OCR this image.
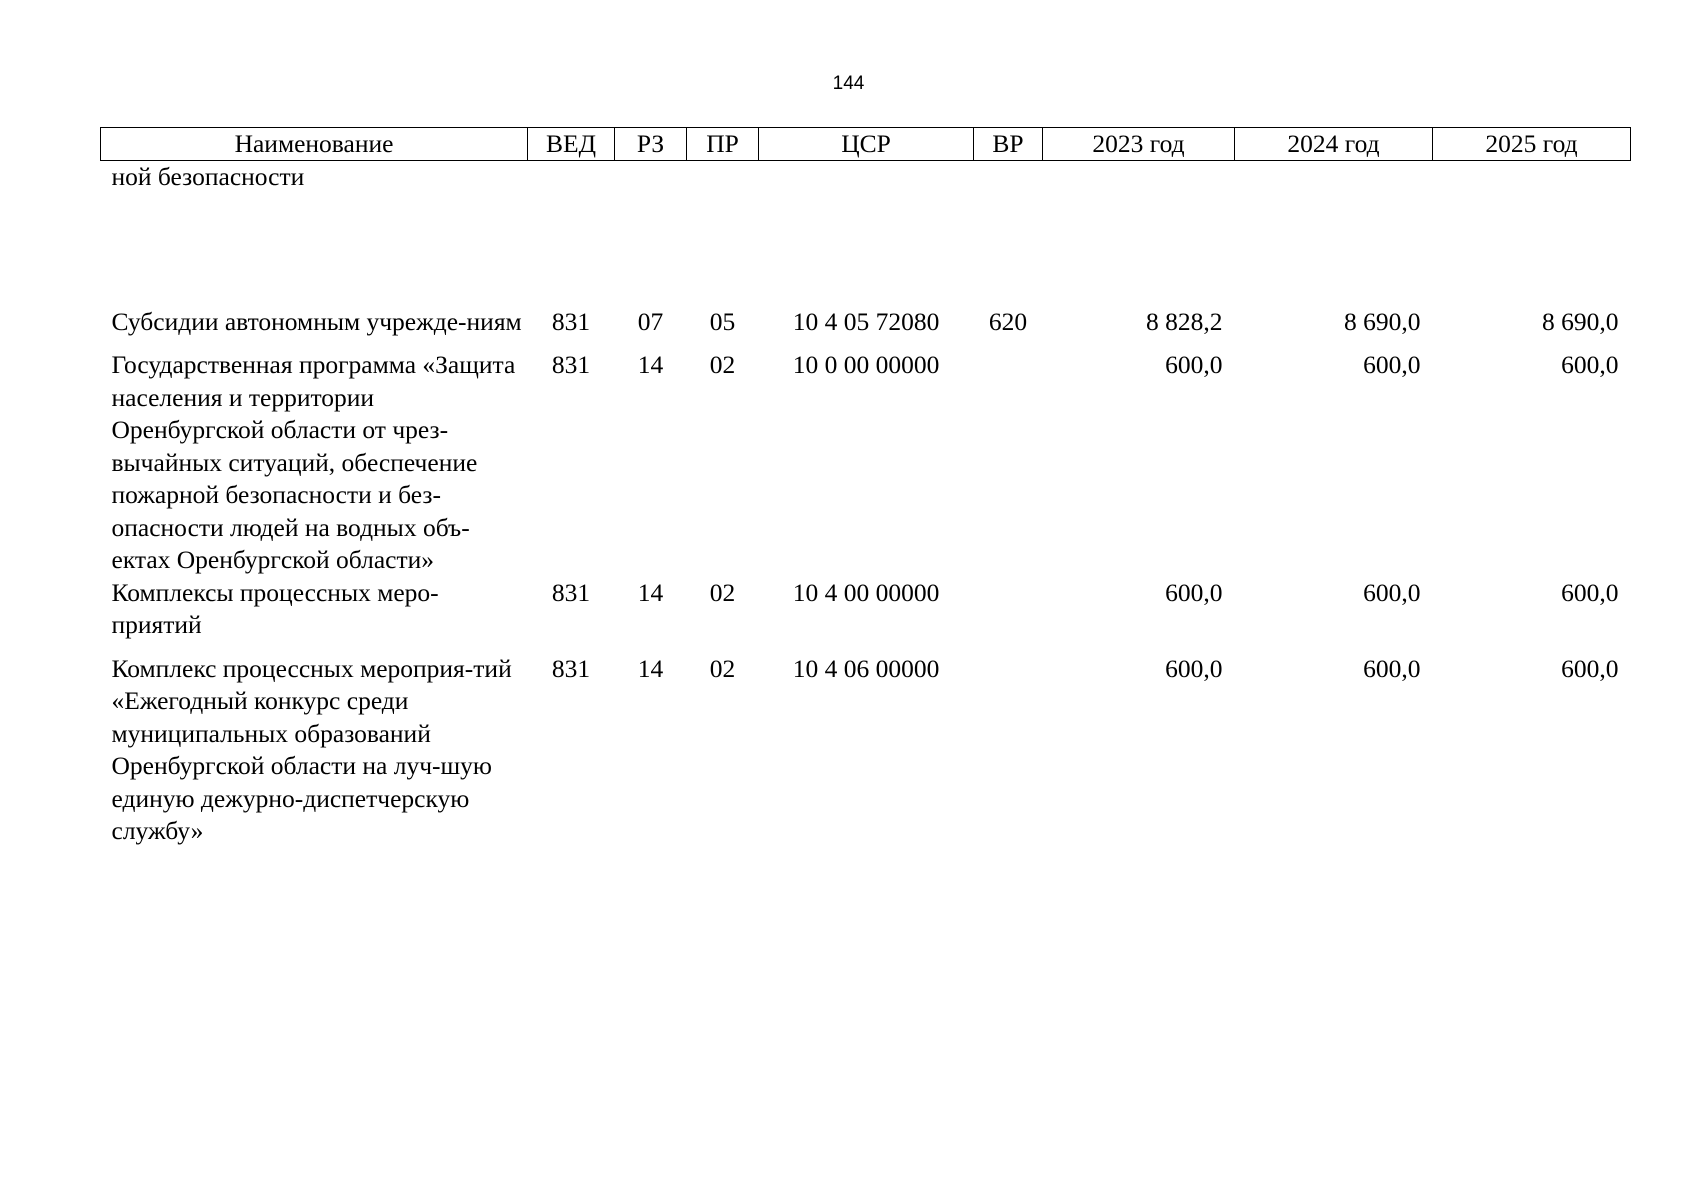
144
Наименование	ВЕД	РЗ	ПР	ЦСР	ВР	2023 год	2024 год	2025 год
ной безопасности								
Субсидии автономным учрежде-ниям	831	07	05	10 4 05 72080	620	8 828,2	8 690,0	8 690,0
Государственная программа «Защита населения и территории Оренбургской области от чрез-вычайных ситуаций, обеспечение пожарной безопасности и без-опасности людей на водных объ-ектах Оренбургской области»	831	14	02	10 0 00 00000		600,0	600,0	600,0
Комплексы процессных меро-приятий	831	14	02	10 4 00 00000		600,0	600,0	600,0
Комплекс процессных мероприя-тий «Ежегодный конкурс среди муниципальных образований Оренбургской области на луч-шую единую дежурно-диспетчерскую службу»	831	14	02	10 4 06 00000		600,0	600,0	600,0
